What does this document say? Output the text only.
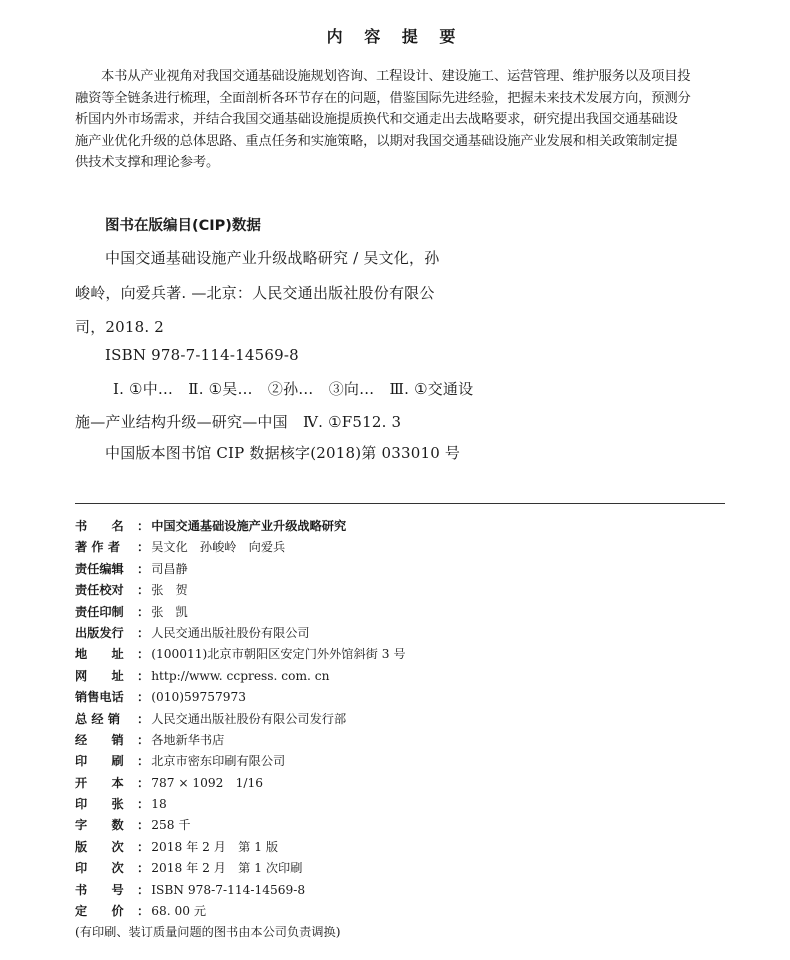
内 容 提 要
本书从产业视角对我国交通基础设施规划咨询、工程设计、建设施工、运营管理、维护服务以及项目投
融资等全链条进行梳理，全面剖析各环节存在的问题，借鉴国际先进经验，把握未来技术发展方向，预测分
析国内外市场需求，并结合我国交通基础设施提质换代和交通走出去战略要求，研究提出我国交通基础设
施产业优化升级的总体思路、重点任务和实施策略，以期对我国交通基础设施产业发展和相关政策制定提
供技术支撑和理论参考。
图书在版编目(CIP)数据
中国交通基础设施产业升级战略研究 / 吴文化，孙
峻岭，向爱兵著. —北京：人民交通出版社股份有限公
司，2018. 2
ISBN 978-7-114-14569-8
Ⅰ. ①中…　Ⅱ. ①吴…　②孙…　③向…　Ⅲ. ①交通设
施—产业结构升级—研究—中国　Ⅳ. ①F512. 3
中国版本图书馆 CIP 数据核字(2018)第 033010 号
书　　名 ： 中国交通基础设施产业升级战略研究
著 作 者 ： 吴文化　孙峻岭　向爱兵
责任编辑 ： 司昌静
责任校对 ： 张　贺
责任印制 ： 张　凯
出版发行 ： 人民交通出版社股份有限公司
地　　址 ： (100011)北京市朝阳区安定门外外馆斜街 3 号
网　　址 ： http://www. ccpress. com. cn
销售电话 ： (010)59757973
总 经 销 ： 人民交通出版社股份有限公司发行部
经　　销 ： 各地新华书店
印　　刷 ： 北京市密东印刷有限公司
开　　本 ： 787 × 1092　1/16
印　　张 ： 18
字　　数 ： 258 千
版　　次 ： 2018 年 2 月　第 1 版
印　　次 ： 2018 年 2 月　第 1 次印刷
书　　号 ： ISBN 978-7-114-14569-8
定　　价 ： 68. 00 元
(有印刷、装订质量问题的图书由本公司负责调换)
